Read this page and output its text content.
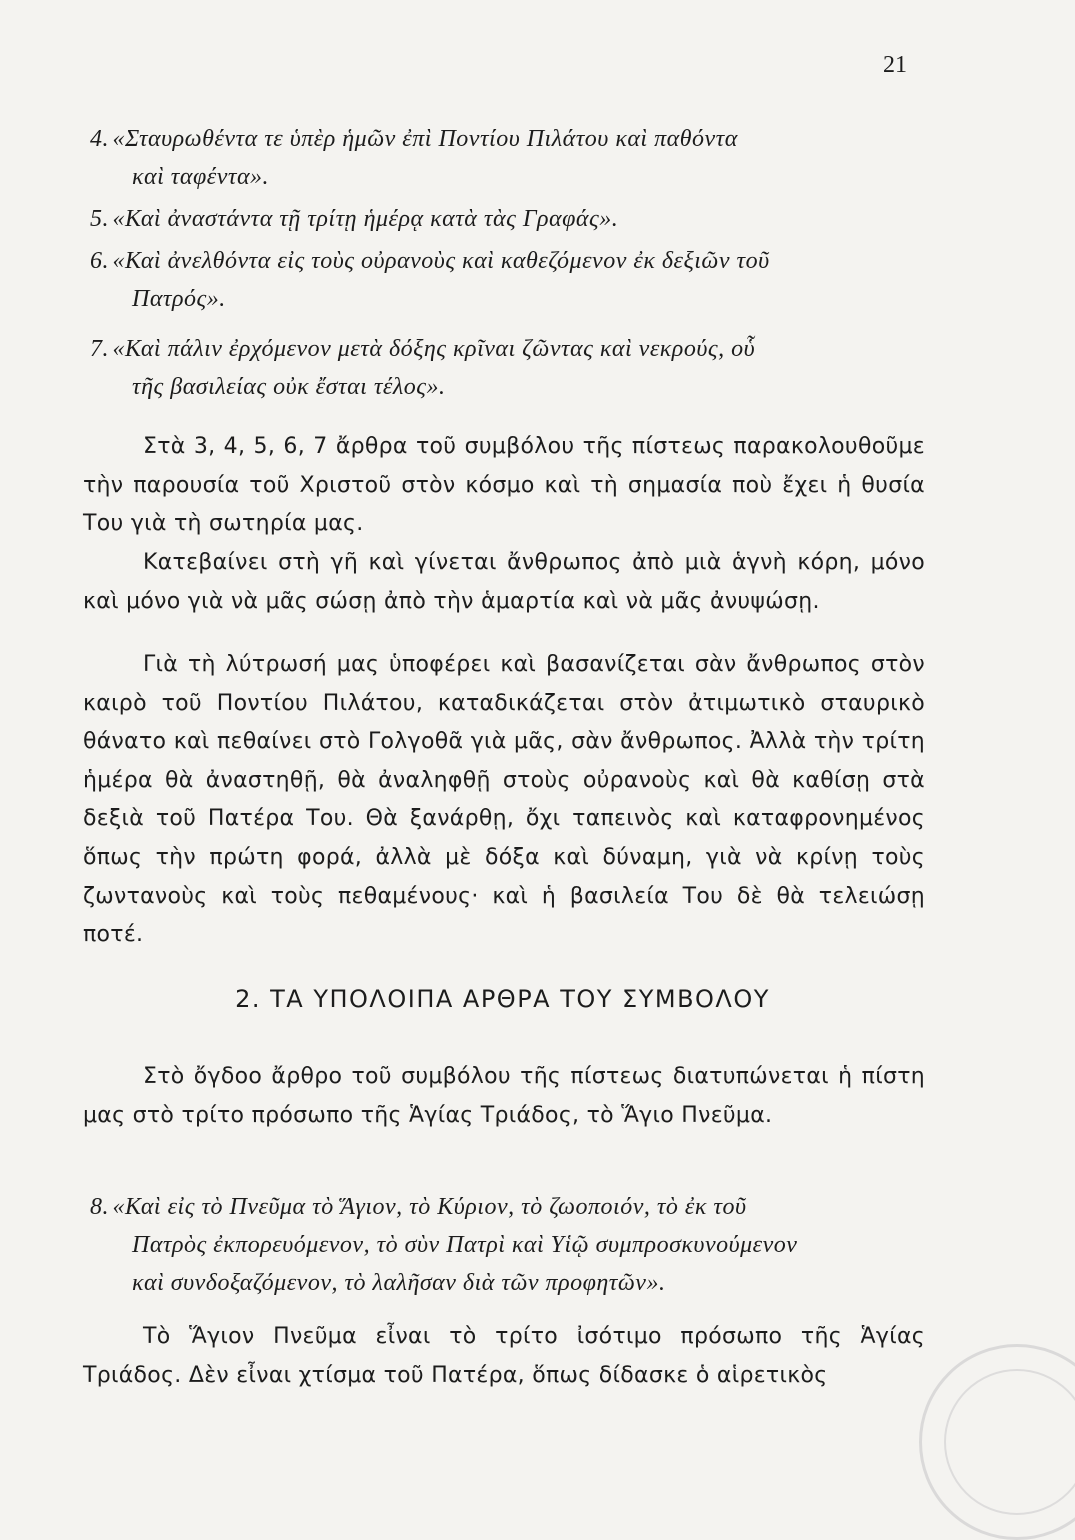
21
4. «Σταυρωθέντα τε ὑπὲρ ἡμῶν ἐπὶ Ποντίου Πιλάτου καὶ παθόντα
καὶ ταφέντα».
5. «Καὶ ἀναστάντα τῇ τρίτῃ ἡμέρᾳ κατὰ τὰς Γραφάς».
6. «Καὶ ἀνελθόντα εἰς τοὺς οὐρανοὺς καὶ καθεζόμενον ἐκ δεξιῶν τοῦ
Πατρός».
7. «Καὶ πάλιν ἐρχόμενον μετὰ δόξης κρῖναι ζῶντας καὶ νεκρούς, οὗ
τῆς βασιλείας οὐκ ἔσται τέλος».
Στὰ 3, 4, 5, 6, 7 ἄρθρα τοῦ συμβόλου τῆς πίστεως παρακολουθοῦμε τὴν παρουσία τοῦ Χριστοῦ στὸν κόσμο καὶ τὴ σημασία ποὺ ἔχει ἡ θυσία Του γιὰ τὴ σωτηρία μας.
Κατεβαίνει στὴ γῆ καὶ γίνεται ἄνθρωπος ἀπὸ μιὰ ἁγνὴ κόρη, μόνο καὶ μόνο γιὰ νὰ μᾶς σώσῃ ἀπὸ τὴν ἁμαρτία καὶ νὰ μᾶς ἀνυψώσῃ.
Γιὰ τὴ λύτρωσή μας ὑποφέρει καὶ βασανίζεται σὰν ἄνθρωπος στὸν καιρὸ τοῦ Ποντίου Πιλάτου, καταδικάζεται στὸν ἀτιμωτικὸ σταυρικὸ θάνατο καὶ πεθαίνει στὸ Γολγοθᾶ γιὰ μᾶς, σὰν ἄνθρωπος. Ἀλλὰ τὴν τρίτη ἡμέρα θὰ ἀναστηθῇ, θὰ ἀναληφθῇ στοὺς οὐρανοὺς καὶ θὰ καθίσῃ στὰ δεξιὰ τοῦ Πατέρα Του. Θὰ ξανάρθῃ, ὄχι ταπεινὸς καὶ καταφρονημένος ὅπως τὴν πρώτη φορά, ἀλλὰ μὲ δόξα καὶ δύναμη, γιὰ νὰ κρίνῃ τοὺς ζωντανοὺς καὶ τοὺς πεθαμένους· καὶ ἡ βασιλεία Του δὲ θὰ τελειώσῃ ποτέ.
2. ΤΑ ΥΠΟΛΟΙΠΑ ΑΡΘΡΑ ΤΟΥ ΣΥΜΒΟΛΟΥ
Στὸ ὄγδοο ἄρθρο τοῦ συμβόλου τῆς πίστεως διατυπώνεται ἡ πίστη μας στὸ τρίτο πρόσωπο τῆς Ἁγίας Τριάδος, τὸ Ἅγιο Πνεῦμα.
8. «Καὶ εἰς τὸ Πνεῦμα τὸ Ἅγιον, τὸ Κύριον, τὸ ζωοποιόν, τὸ ἐκ τοῦ
Πατρὸς ἐκπορευόμενον, τὸ σὺν Πατρὶ καὶ Υἱῷ συμπροσκυνούμενον
καὶ συνδοξαζόμενον, τὸ λαλῆσαν διὰ τῶν προφητῶν».
Τὸ Ἅγιον Πνεῦμα εἶναι τὸ τρίτο ἰσότιμο πρόσωπο τῆς Ἁγίας Τριάδος. Δὲν εἶναι χτίσμα τοῦ Πατέρα, ὅπως δίδασκε ὁ αἱρετικὸς
